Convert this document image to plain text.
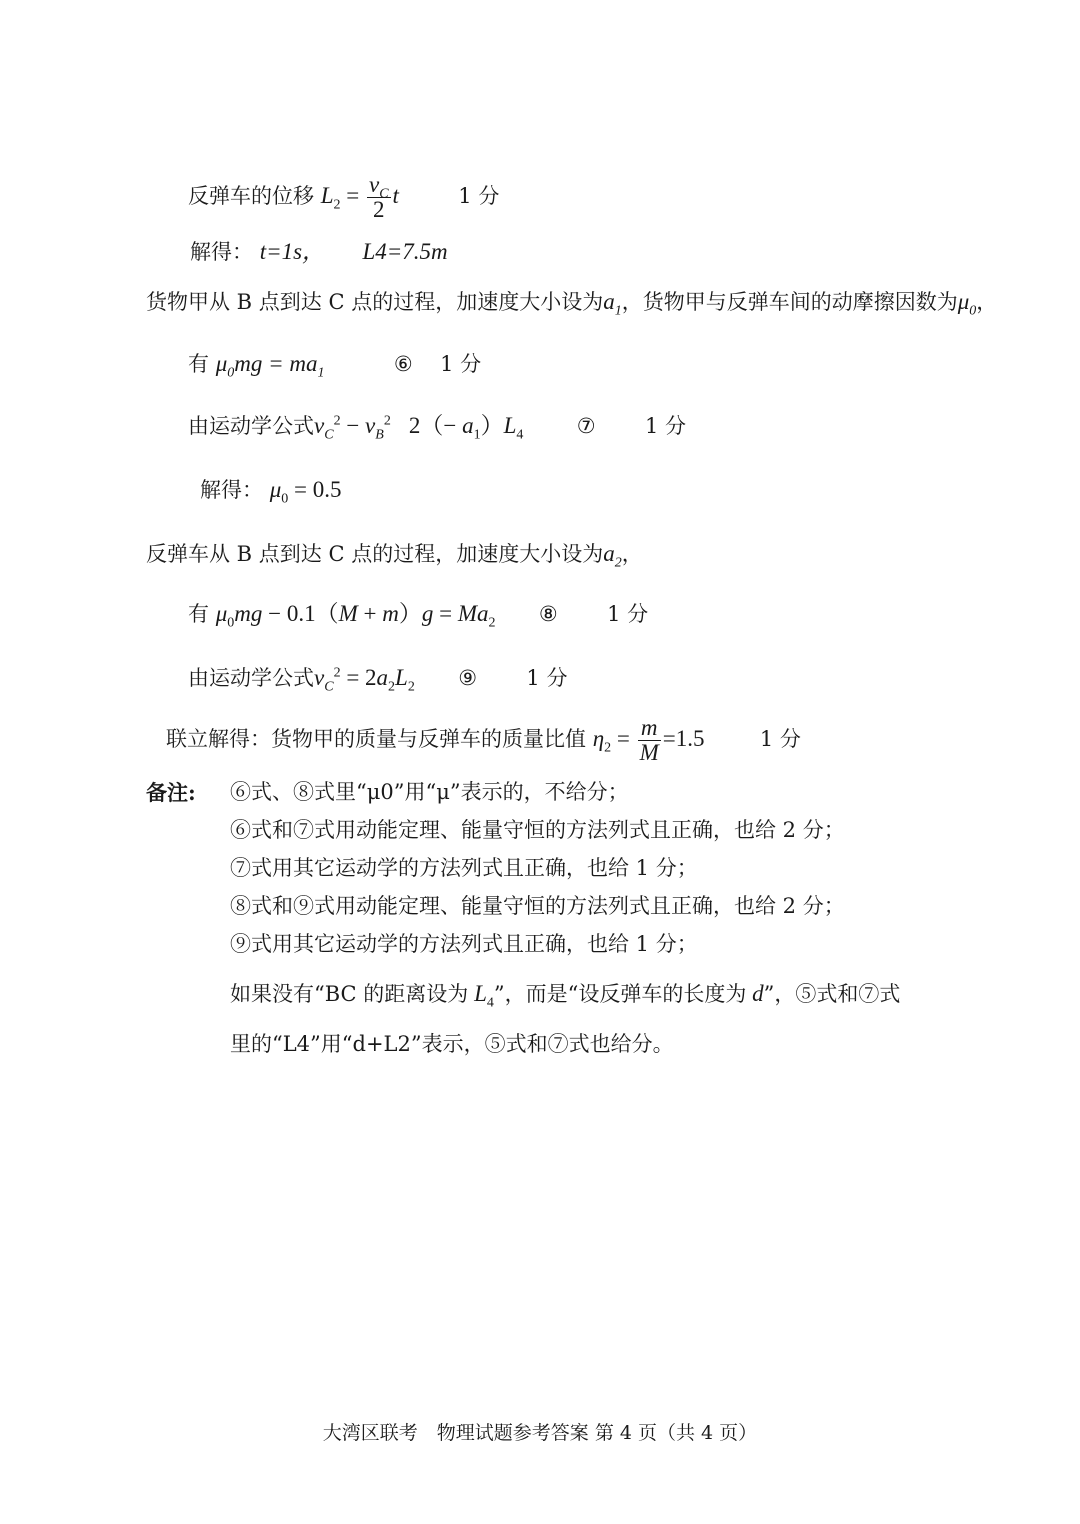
反弹车的位移 $L_2 = \frac{v_C}{2}$ t	1 分
解得： t=1s， L4=7.5m
货物甲从 B 点到达 C 点的过程，加速度大小设为$a_1$，货物甲与反弹车间的动摩擦因数为$\mu_0$，
有 $\mu_0mg = ma_1$	⑥ 1 分
由运动学公式$v_C^2 - v_B^2$ $2(- a_1)L_4$	⑦ 1 分
解得： $\mu_0 = 0.5$
反弹车从 B 点到达 C 点的过程，加速度大小设为$a_2$，
有 $\mu_0mg - 0.1(M + m)g = Ma_2$ ⑧ 1 分
由运动学公式$v_C^2 = 2a_2L_2$ ⑨ 1 分
联立解得：货物甲的质量与反弹车的质量比值 $\eta_2 = \frac{m}{M} =1.5$	1 分
备注: ⑥式、⑧式里“μ0”用“μ”表示的，不给分；
⑥式和⑦式用动能定理、能量守恒的方法列式且正确，也给 2 分；
⑦式用其它运动学的方法列式且正确，也给 1 分；
⑧式和⑨式用动能定理、能量守恒的方法列式且正确，也给 2 分；
⑨式用其它运动学的方法列式且正确，也给 1 分；
如果没有“BC 的距离设为 $L_4$”，而是“设反弹车的长度为 d”，⑤式和⑦式
里的“L4”用“d+L2”表示，⑤式和⑦式也给分。
大湾区联考　物理试题参考答案 第 4 页（共 4 页）
